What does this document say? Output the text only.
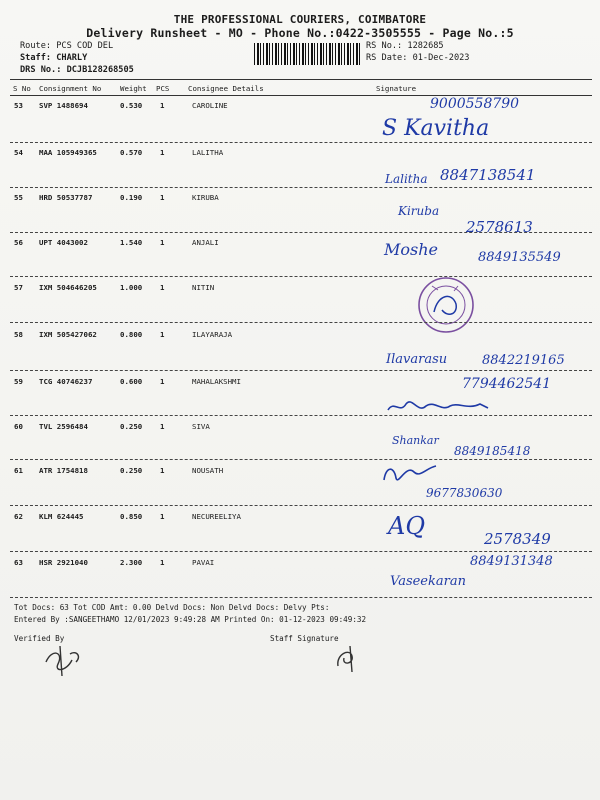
THE PROFESSIONAL COURIERS, COIMBATORE
Delivery Runsheet - MO - Phone No.:0422-3505555 - Page No.:5
Route: PCS COD DEL
Staff: CHARLY
DRS No.: DCJB128268505
RS No.: 1282685
RS Date: 01-Dec-2023
S No Consignment No	Weight PCS	Consignee Details	Signature
53 SVP 1488694	0.530 1	CAROLINE	9000558790
S Kavitha
54 MAA 105949365	0.570 1	LALITHA
Lalitha 8847138541
55 HRD 50537787	0.190 1	KIRUBA
Kiruba
2578613
56 UPT 4043002	1.540 1	ANJALI	Moshe	8849135549
57 IXM 504646205	1.000 1	NITIN
58 IXM 505427062	0.800 1	ILAYARAJA
Ilavarasu	8842219165
59 TCG 40746237	0.600 1	MAHALAKSHMI	7794462541
60 TVL 2596484	0.250 1	SIVA
Shankar
61 ATR 1754818	0.250 1	NOUSATH
8849185418
9677830630
62 KLM 624445	0.850 1	NECUREELIYA	AQ	2578349
63 HSR 2921040	2.300 1	PAVAI	8849131348
Vaseekaran
Tot Docs: 63 Tot COD Amt: 0.00 Delvd Docs: Non Delvd Docs: Delvy Pts:
Entered By :SANGEETHAMO 12/01/2023 9:49:28 AM Printed On: 01-12-2023 09:49:32
Verified By	Staff Signature
